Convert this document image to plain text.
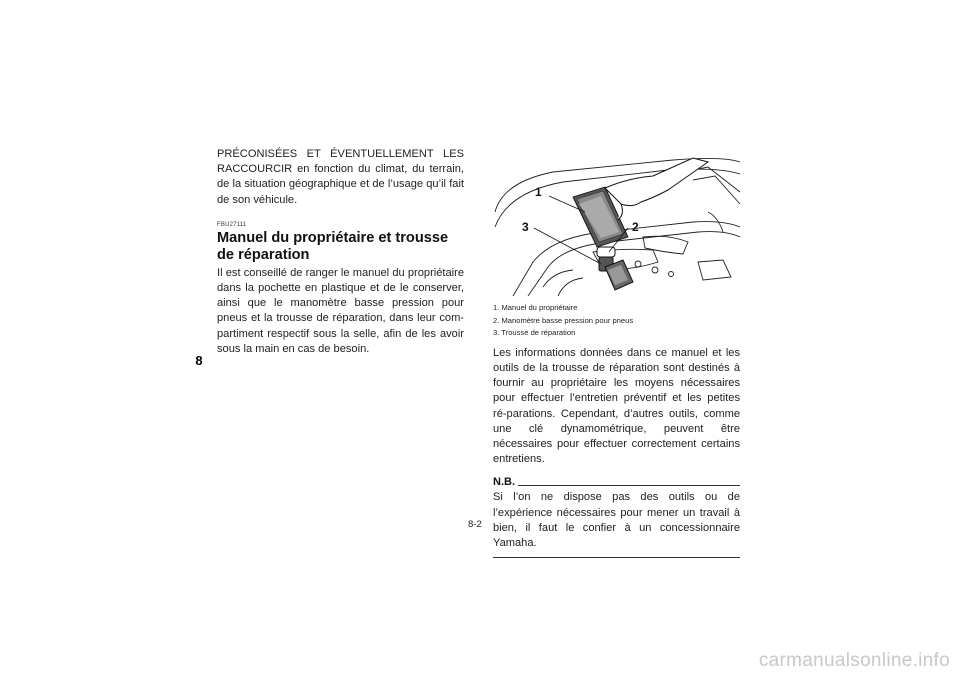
8

PRÉCONISÉES ET ÉVENTUELLEMENT LES RACCOURCIR en fonction du climat, du terrain, de la situation géographique et de l’usage qu’il fait de son véhicule.

FBU27111
Manuel du propriétaire et trousse de réparation

Il est conseillé de ranger le manuel du propriétaire dans la pochette en plastique et de le conserver, ainsi que le manomètre basse pression pour pneus et la trousse de réparation, dans leur com-partiment respectif sous la selle, afin de les avoir sous la main en cas de besoin.

1
2
3
1. Manuel du propriétaire
2. Manomètre basse pression pour pneus
3. Trousse de réparation

Les informations données dans ce manuel et les outils de la trousse de réparation sont destinés à fournir au propriétaire les moyens nécessaires pour effectuer l’entretien préventif et les petites ré-parations. Cependant, d’autres outils, comme une clé dynamométrique, peuvent être nécessaires pour effectuer correctement certains entretiens.

N.B.

Si l’on ne dispose pas des outils ou de l’expérience nécessaires pour mener un travail à bien, il faut le confier à un concessionnaire Yamaha.

8-2
carmanualsonline.info
